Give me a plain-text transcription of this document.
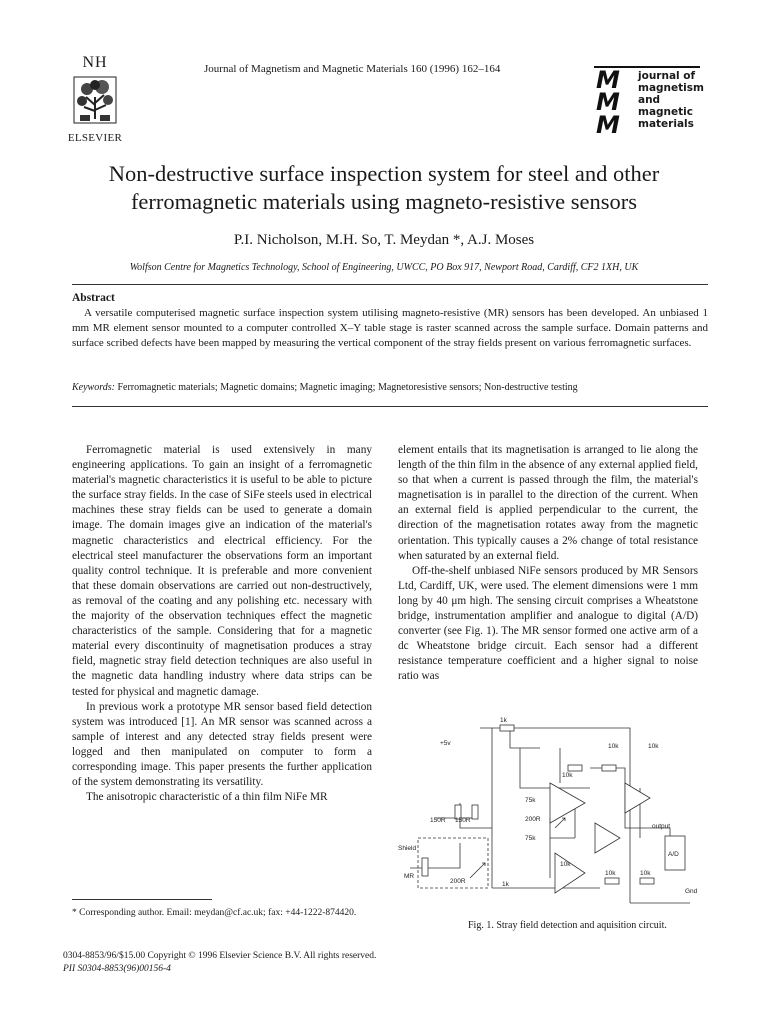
NH
ELSEVIER
Journal of Magnetism and Magnetic Materials 160 (1996) 162–164	M
M
M
journal of
magnetism
and
magnetic
materials
Non-destructive surface inspection system for steel and other
ferromagnetic materials using magneto-resistive sensors
P.I. Nicholson, M.H. So, T. Meydan *, A.J. Moses
Wolfson Centre for Magnetics Technology, School of Engineering, UWCC, PO Box 917, Newport Road, Cardiff, CF2 1XH, UK
Abstract
A versatile computerised magnetic surface inspection system utilising magneto-resistive (MR) sensors has been developed. An unbiased 1 mm MR element sensor mounted to a computer controlled X–Y table stage is raster scanned across the sample surface. Domain patterns and surface scribed defects have been mapped by measuring the vertical component of the stray fields present on various ferromagnetic surfaces.
Keywords: Ferromagnetic materials; Magnetic domains; Magnetic imaging; Magnetoresistive sensors; Non-destructive testing

Ferromagnetic material is used extensively in many engineering applications. To gain an insight of a ferromagnetic material's magnetic characteristics it is useful to be able to picture the surface stray fields. In the case of SiFe steels used in electrical machines these stray fields can be used to generate a domain image. The domain images give an indication of the material's magnetic characteristics and electrical efficiency. For the electrical steel manufacturer the observations form an important quality control technique. It is preferable and more convenient that these domain observations are carried out non-destructively, as removal of the coating and any polishing etc. necessary with the majority of the observation techniques effect the magnetic characteristics of the sample. Considering that for a magnetic material every discontinuity of magnetisation produces a stray field, magnetic stray field detection techniques are also useful in the magnetic data handling industry where data strips can be tested for physical and magnetic damage.

In previous work a prototype MR sensor based field detection system was introduced [1]. An MR sensor was scanned across a sample of interest and any detected stray fields present were logged and then manipulated on computer to form a corresponding image. This paper presents the further application of the system demonstrating its versatility.

The anisotropic characteristic of a thin film NiFe MR

element entails that its magnetisation is arranged to lie along the length of the thin film in the absence of any external applied field, so that when a current is passed through the film, the material's magnetisation is in parallel to the direction of the current. When an external field is applied perpendicular to the current, the direction of the magnetisation rotates away from the magnetic orientation. This typically causes a 2% change of total resistance when saturated by an external field.

Off-the-shelf unbiased NiFe sensors produced by MR Sensors Ltd, Cardiff, UK, were used. The element dimensions were 1 mm long by 40 μm high. The sensing circuit comprises a Wheatstone bridge, instrumentation amplifier and analogue to digital (A/D) converter (see Fig. 1). The MR sensor formed one active arm of a dc Wheatstone bridge circuit. Each sensor had a different resistance temperature coefficient and a higher signal to noise ratio was

+5v
1k
10k	10k
10k
75k
75k
200R
150R 150R
Shield
MR
200R	1k
10k
10k	10k
output
A/D
Gnd
Fig. 1. Stray field detection and aquisition circuit.
* Corresponding author. Email: meydan@cf.ac.uk; fax: +44-1222-874420.
0304-8853/96/$15.00 Copyright © 1996 Elsevier Science B.V. All rights reserved.
PII S0304-8853(96)00156-4
